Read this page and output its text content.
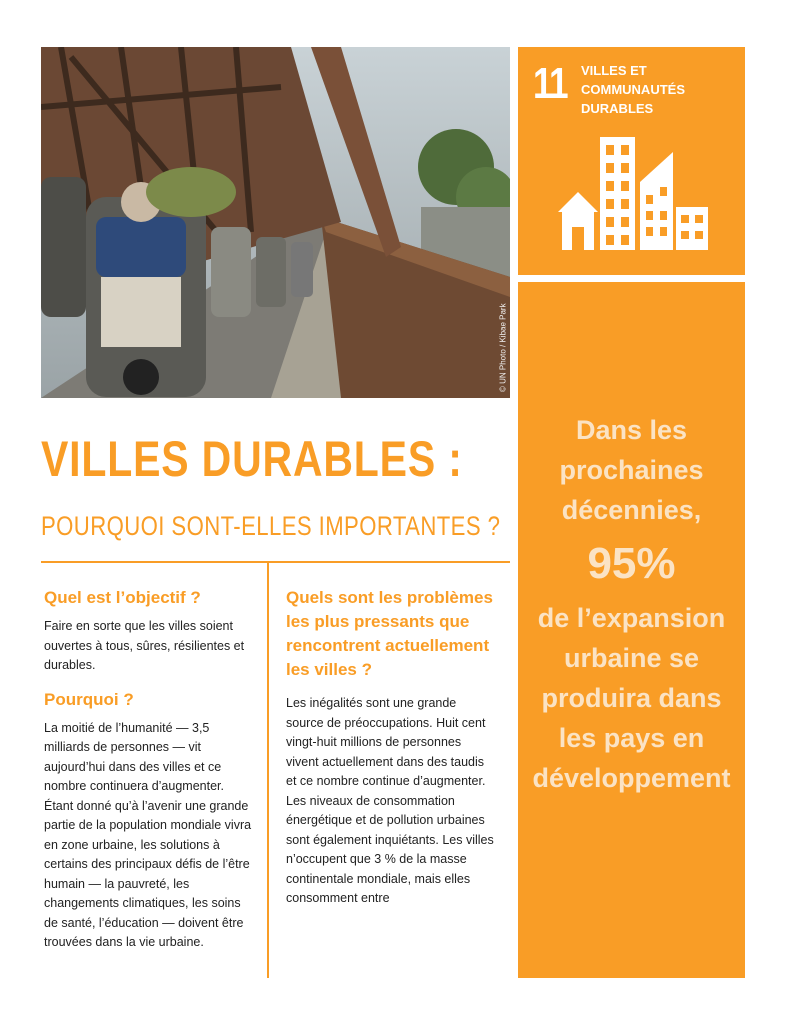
© UN Photo / Kibae Park
11 VILLES ET
COMMUNAUTÉS
DURABLES
Dans les
prochaines
décennies,
95%
de l’expansion
urbaine se
produira dans
les pays en
développement
VILLES DURABLES :
POURQUOI SONT-ELLES IMPORTANTES ?
Quel est l’objectif ?

Faire en sorte que les villes soient ouvertes à tous, sûres, résilientes et durables.

Pourquoi ?

La moitié de l’humanité — 3,5 milliards de personnes — vit aujourd’hui dans des villes et ce nombre continuera d’augmenter. Étant donné qu’à l’avenir une grande partie de la population mondiale vivra en zone urbaine, les solutions à certains des principaux défis de l’être humain — la pauvreté, les changements climatiques, les soins de santé, l’éducation — doivent être trouvées dans la vie urbaine.

Quels sont les problèmes les plus pressants que rencontrent actuellement les villes ?

Les inégalités sont une grande source de préoccupations. Huit cent vingt-huit millions de personnes vivent actuellement dans des taudis et ce nombre continue d’augmenter. Les niveaux de consommation énergétique et de pollution urbaines sont également inquiétants. Les villes n’occupent que 3 % de la masse continentale mondiale, mais elles consomment entre
